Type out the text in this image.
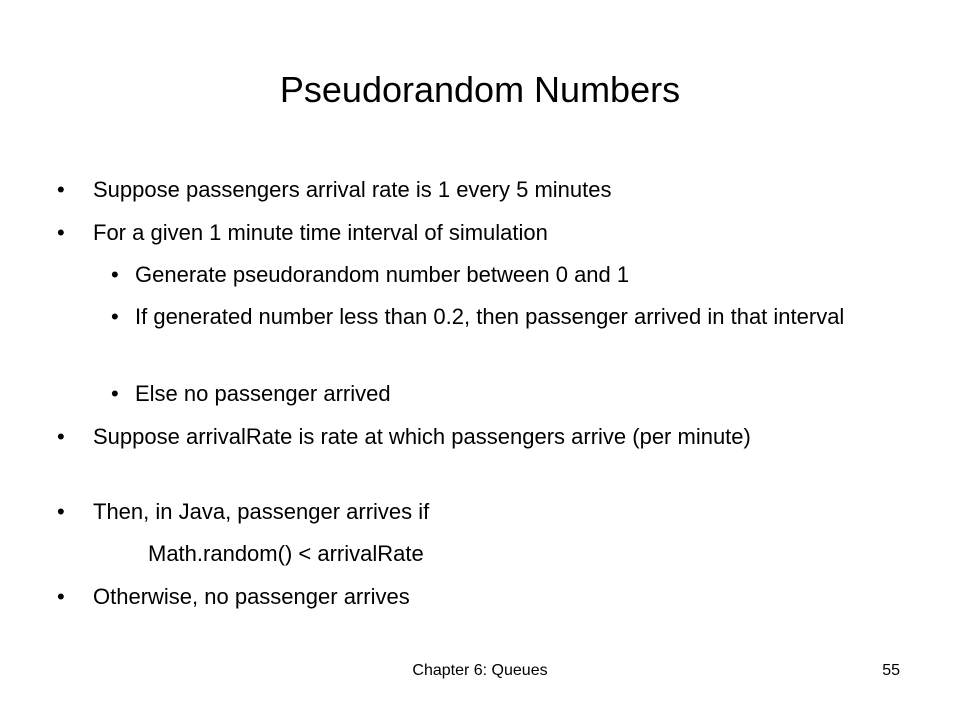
Pseudorandom Numbers
• Suppose passengers arrival rate is 1 every 5 minutes
• For a given 1 minute time interval of simulation
• Generate pseudorandom number between 0 and 1
• If generated number less than 0.2, then passenger arrived in that interval
• Else no passenger arrived
• Suppose arrivalRate is rate at which passengers arrive (per minute)
• Then, in Java, passenger arrives if
Math.random() < arrivalRate
• Otherwise, no passenger arrives
Chapter 6: Queues	55
